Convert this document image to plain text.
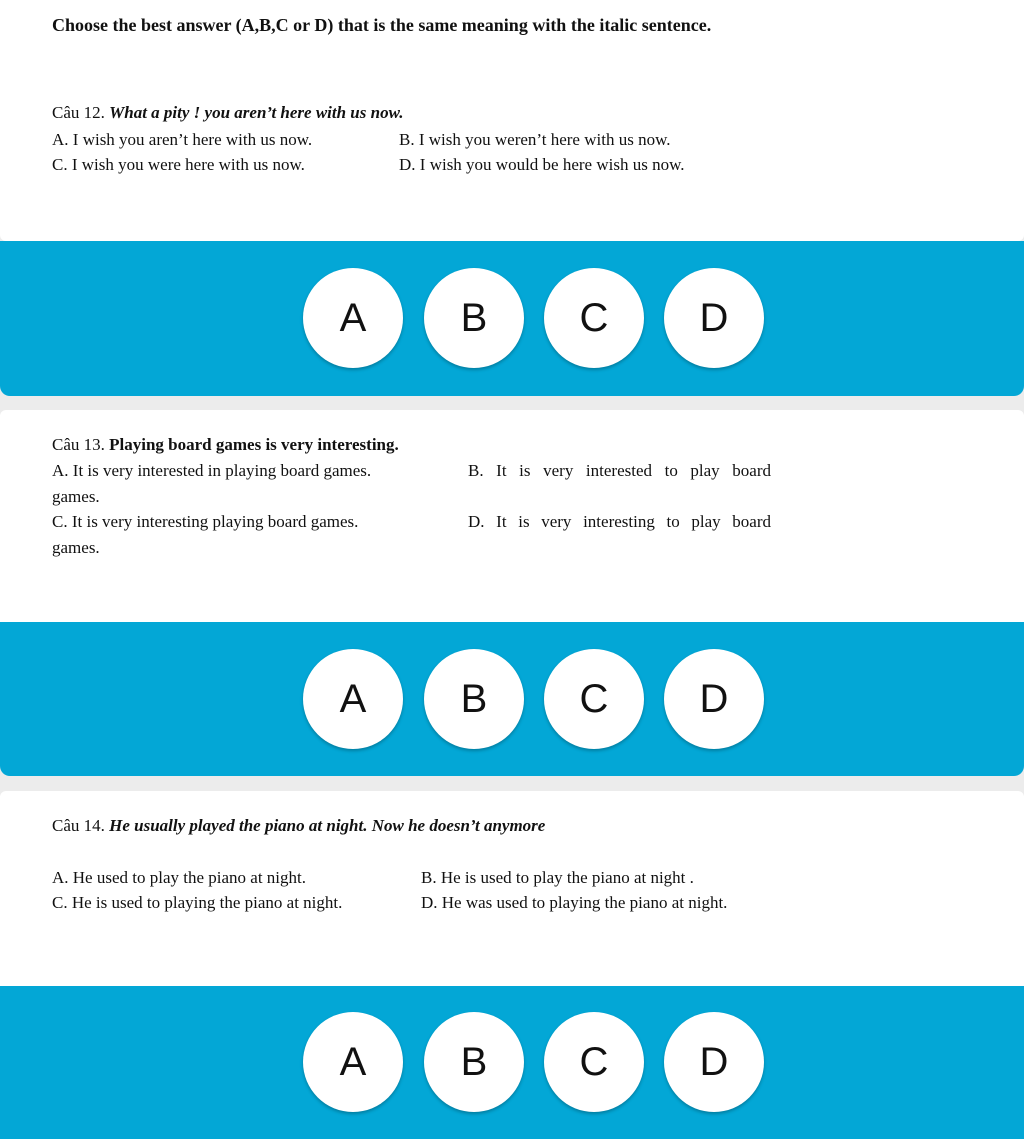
Choose the best answer (A,B,C or D) that is the same meaning with the italic sentence.
Câu 12. What a pity ! you aren’t here with us now.
A. I wish you aren’t here with us now.	B. I wish you weren’t here with us now.
C. I wish you were here with us now.	D. I wish you would be here wish us now.
A	B	C	D
Câu 13. Playing board games is very interesting.
A. It is very interested in playing board games.	B. It is very interested to play board
games.
C. It is very interesting playing board games.	D. It is very interesting to play board
games.
A	B	C	D
Câu 14. He usually played the piano at night. Now he doesn’t anymore
A. He used to play the piano at night.	B. He is used to play the piano at night .
C. He is used to playing the piano at night.	D. He was used to playing the piano at night.
A	B	C	D
